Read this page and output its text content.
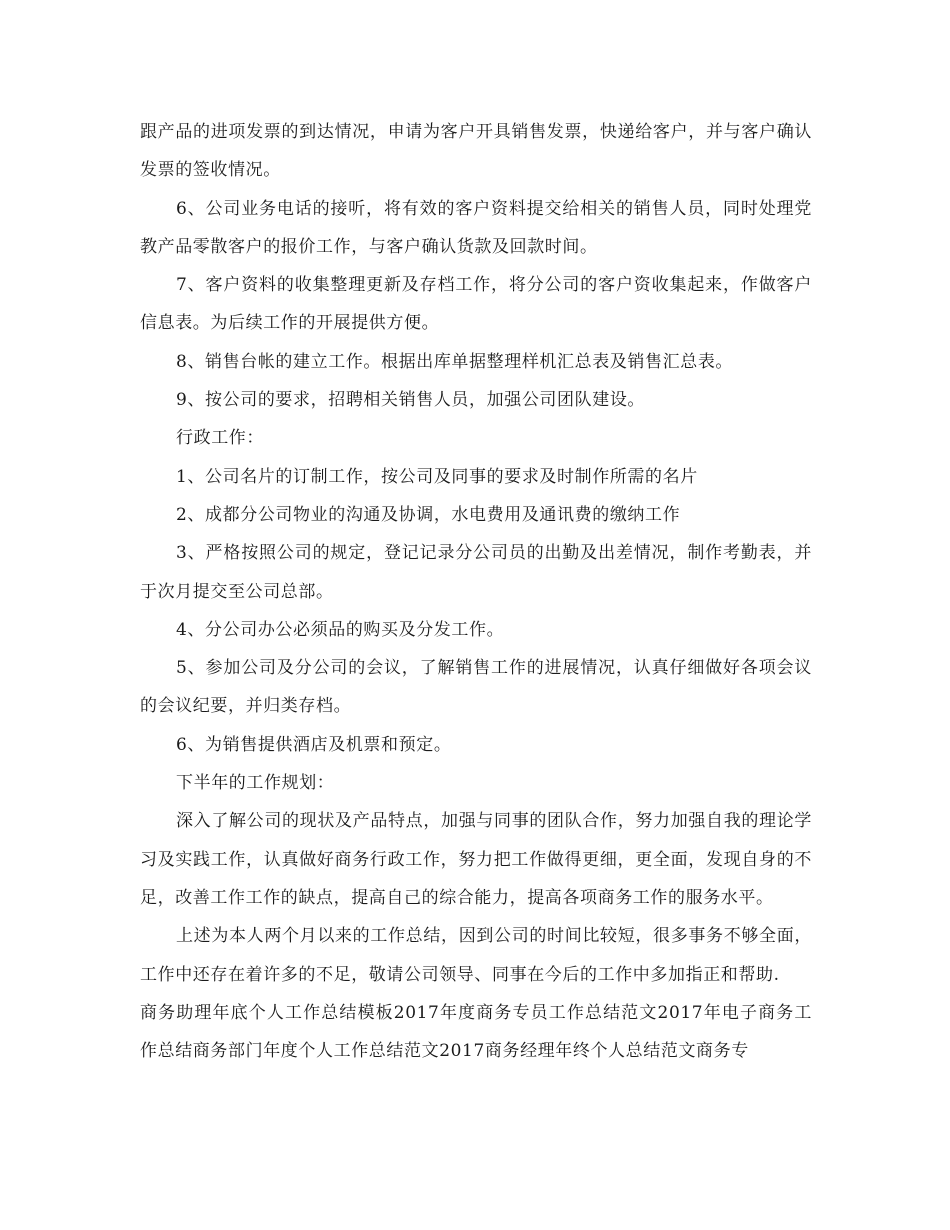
跟产品的进项发票的到达情况，申请为客户开具销售发票，快递给客户，并与客户确认发票的签收情况。

6、公司业务电话的接听，将有效的客户资料提交给相关的销售人员，同时处理党教产品零散客户的报价工作，与客户确认货款及回款时间。

7、客户资料的收集整理更新及存档工作，将分公司的客户资收集起来，作做客户信息表。为后续工作的开展提供方便。

8、销售台帐的建立工作。根据出库单据整理样机汇总表及销售汇总表。

9、按公司的要求，招聘相关销售人员，加强公司团队建设。

行政工作：

1、公司名片的订制工作，按公司及同事的要求及时制作所需的名片

2、成都分公司物业的沟通及协调，水电费用及通讯费的缴纳工作

3、严格按照公司的规定，登记记录分公司员的出勤及出差情况，制作考勤表，并于次月提交至公司总部。

4、分公司办公必须品的购买及分发工作。

5、参加公司及分公司的会议，了解销售工作的进展情况，认真仔细做好各项会议的会议纪要，并归类存档。

6、为销售提供酒店及机票和预定。

下半年的工作规划：

深入了解公司的现状及产品特点，加强与同事的团队合作，努力加强自我的理论学习及实践工作，认真做好商务行政工作，努力把工作做得更细，更全面，发现自身的不足，改善工作工作的缺点，提高自己的综合能力，提高各项商务工作的服务水平。

上述为本人两个月以来的工作总结，因到公司的时间比较短，很多事务不够全面，工作中还存在着许多的不足，敬请公司领导、同事在今后的工作中多加指正和帮助.

商务助理年底个人工作总结模板2017年度商务专员工作总结范文2017年电子商务工作总结商务部门年度个人工作总结范文2017商务经理年终个人总结范文商务专
